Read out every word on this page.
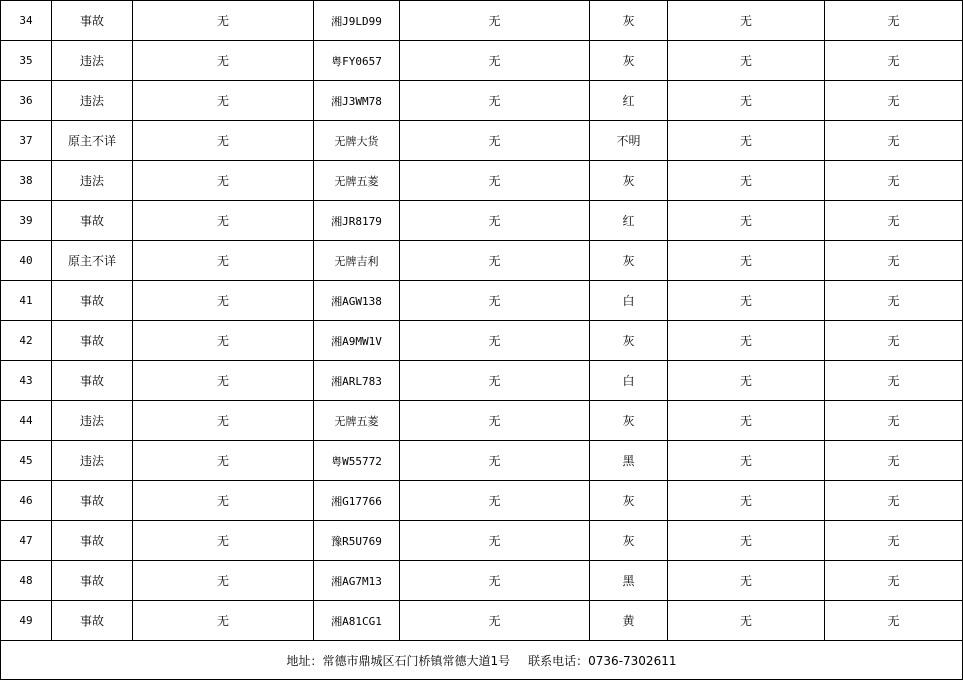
34	事故	无	湘J9LD99	无	灰	无	无
35	违法	无	粤FY0657	无	灰	无	无
36	违法	无	湘J3WM78	无	红	无	无
37	原主不详	无	无牌大货	无	不明	无	无
38	违法	无	无牌五菱	无	灰	无	无
39	事故	无	湘JR8179	无	红	无	无
40	原主不详	无	无牌吉利	无	灰	无	无
41	事故	无	湘AGW138	无	白	无	无
42	事故	无	湘A9MW1V	无	灰	无	无
43	事故	无	湘ARL783	无	白	无	无
44	违法	无	无牌五菱	无	灰	无	无
45	违法	无	粤W55772	无	黑	无	无
46	事故	无	湘G17766	无	灰	无	无
47	事故	无	豫R5U769	无	灰	无	无
48	事故	无	湘AG7M13	无	黑	无	无
49	事故	无	湘A81CG1	无	黄	无	无
地址：常德市鼎城区石门桥镇常德大道1号 联系电话：0736-7302611							
